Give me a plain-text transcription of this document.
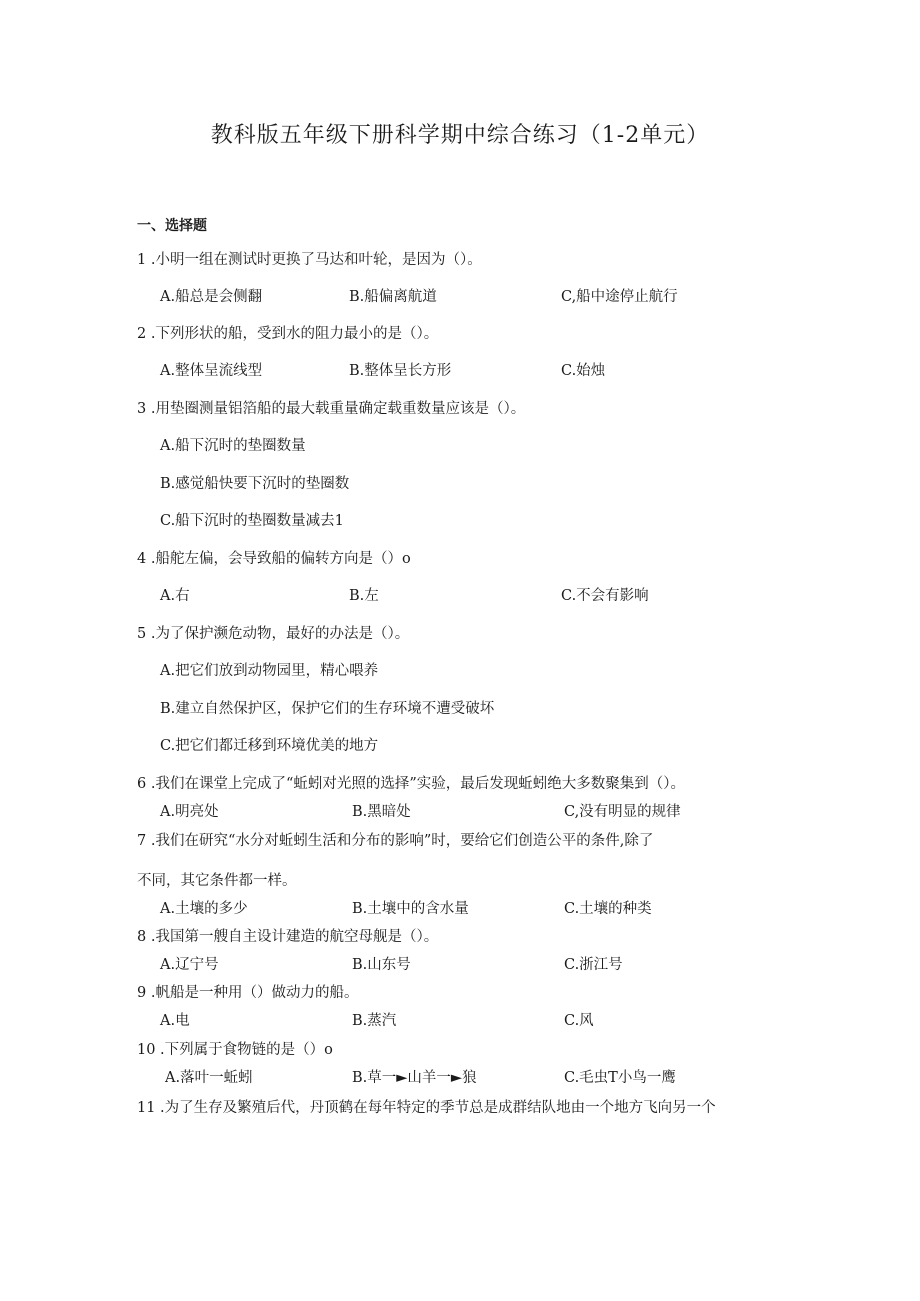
教科版五年级下册科学期中综合练习（1-2单元）
一、选择题
1 .小明一组在测试时更换了马达和叶轮，是因为（）。
A.船总是会侧翻	B.船偏离航道	C,船中途停止航行
2 .下列形状的船，受到水的阻力最小的是（）。
A.整体呈流线型	B.整体呈长方形	C.始烛
3 .用垫圈测量铝箔船的最大载重量确定载重数量应该是（）。
A.船下沉时的垫圈数量
B.感觉船快要下沉时的垫圈数
C.船下沉时的垫圈数量减去1
4 .船舵左偏，会导致船的偏转方向是（）o
A.右	B.左	C.不会有影响
5 .为了保护濒危动物，最好的办法是（）。
A.把它们放到动物园里，精心喂养
B.建立自然保护区，保护它们的生存环境不遭受破坏
C.把它们都迁移到环境优美的地方
6 .我们在课堂上完成了“蚯蚓对光照的选择”实验，最后发现蚯蚓绝大多数聚集到（）。
A.明亮处	B.黑暗处	C,没有明显的规律
7 .我们在研究“水分对蚯蚓生活和分布的影响”时，要给它们创造公平的条件,除了
不同，其它条件都一样。
A.土壤的多少	B.土壤中的含水量	C.土壤的种类
8 .我国第一艘自主设计建造的航空母舰是（）。
A.辽宁号	B.山东号	C.浙江号
9 .帆船是一种用（）做动力的船。
A.电	B.蒸汽	C.风
10 .下列属于食物链的是（）o
A.落叶一蚯蚓	B.草一►山羊一►狼	C.毛虫T小鸟一鹰
11 .为了生存及繁殖后代，丹顶鹤在每年特定的季节总是成群结队地由一个地方飞向另一个
